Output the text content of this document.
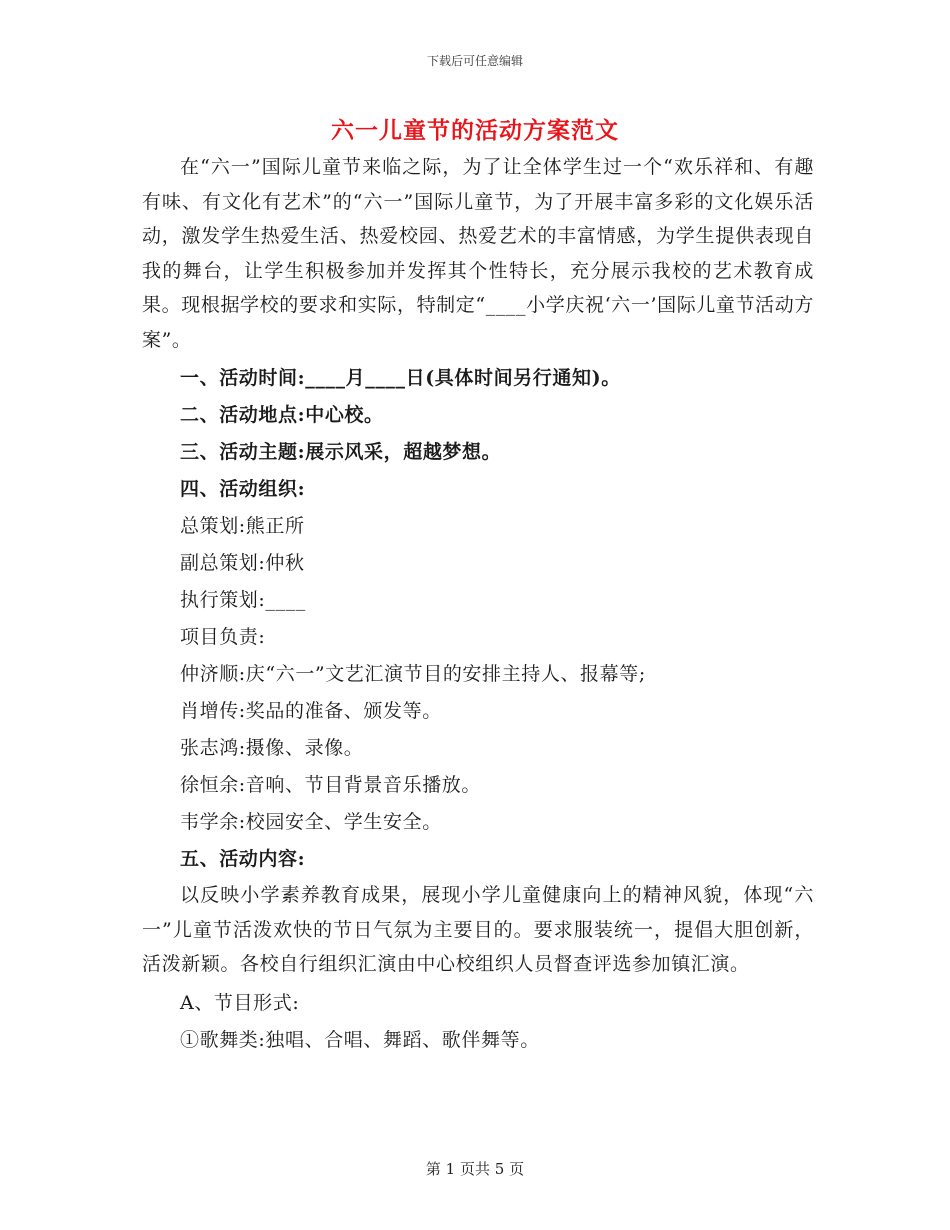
下载后可任意编辑
六一儿童节的活动方案范文

在“六一”国际儿童节来临之际，为了让全体学生过一个“欢乐祥和、有趣有味、有文化有艺术”的“六一”国际儿童节，为了开展丰富多彩的文化娱乐活动，激发学生热爱生活、热爱校园、热爱艺术的丰富情感，为学生提供表现自我的舞台，让学生积极参加并发挥其个性特长，充分展示我校的艺术教育成果。现根据学校的要求和实际，特制定“____小学庆祝‘六一’国际儿童节活动方案”。

一、活动时间:____月____日(具体时间另行通知)。

二、活动地点:中心校。

三、活动主题:展示风采，超越梦想。

四、活动组织:

总策划:熊正所

副总策划:仲秋

执行策划:____

项目负责:

仲济顺:庆“六一”文艺汇演节目的安排主持人、报幕等;

肖增传:奖品的准备、颁发等。

张志鸿:摄像、录像。

徐恒余:音响、节目背景音乐播放。

韦学余:校园安全、学生安全。

五、活动内容:

以反映小学素养教育成果，展现小学儿童健康向上的精神风貌，体现“六一”儿童节活泼欢快的节日气氛为主要目的。要求服装统一，提倡大胆创新，活泼新颖。各校自行组织汇演由中心校组织人员督查评选参加镇汇演。

A、节目形式:

①歌舞类:独唱、合唱、舞蹈、歌伴舞等。

第 1 页共 5 页
